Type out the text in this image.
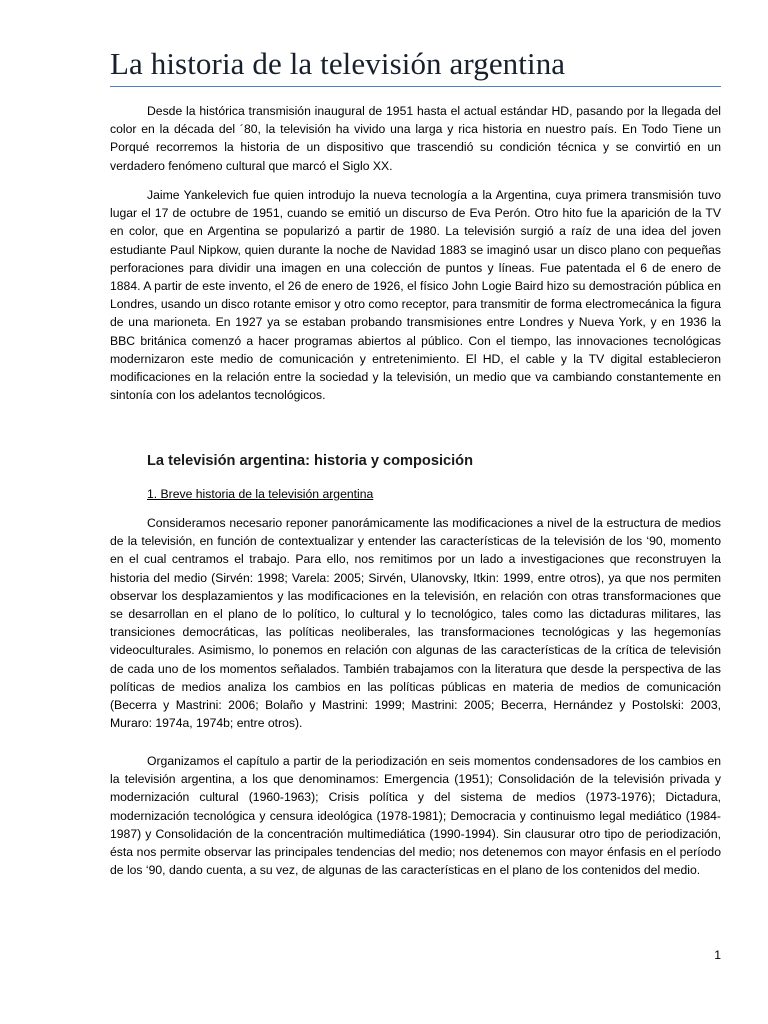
La historia de la televisión argentina

Desde la histórica transmisión inaugural de 1951 hasta el actual estándar HD, pasando por la llegada del color en la década del ´80, la televisión ha vivido una larga y rica historia en nuestro país. En Todo Tiene un Porqué recorremos la historia de un dispositivo que trascendió su condición técnica y se convirtió en un verdadero fenómeno cultural que marcó el Siglo XX.

Jaime Yankelevich fue quien introdujo la nueva tecnología a la Argentina, cuya primera transmisión tuvo lugar el 17 de octubre de 1951, cuando se emitió un discurso de Eva Perón. Otro hito fue la aparición de la TV en color, que en Argentina se popularizó a partir de 1980. La televisión surgió a raíz de una idea del joven estudiante Paul Nipkow, quien durante la noche de Navidad 1883 se imaginó usar un disco plano con pequeñas perforaciones para dividir una imagen en una colección de puntos y líneas. Fue patentada el 6 de enero de 1884. A partir de este invento, el 26 de enero de 1926, el físico John Logie Baird hizo su demostración pública en Londres, usando un disco rotante emisor y otro como receptor, para transmitir de forma electromecánica la figura de una marioneta. En 1927 ya se estaban probando transmisiones entre Londres y Nueva York, y en 1936 la BBC británica comenzó a hacer programas abiertos al público. Con el tiempo, las innovaciones tecnológicas modernizaron este medio de comunicación y entretenimiento. El HD, el cable y la TV digital establecieron modificaciones en la relación entre la sociedad y la televisión, un medio que va cambiando constantemente en sintonía con los adelantos tecnológicos.

La televisión argentina: historia y composición
1. Breve historia de la televisión argentina

Consideramos necesario reponer panorámicamente las modificaciones a nivel de la estructura de medios de la televisión, en función de contextualizar y entender las características de la televisión de los ‘90, momento en el cual centramos el trabajo. Para ello, nos remitimos por un lado a investigaciones que reconstruyen la historia del medio (Sirvén: 1998; Varela: 2005; Sirvén, Ulanovsky, Itkin: 1999, entre otros), ya que nos permiten observar los desplazamientos y las modificaciones en la televisión, en relación con otras transformaciones que se desarrollan en el plano de lo político, lo cultural y lo tecnológico, tales como las dictaduras militares, las transiciones democráticas, las políticas neoliberales, las transformaciones tecnológicas y las hegemonías videoculturales. Asimismo, lo ponemos en relación con algunas de las características de la crítica de televisión de cada uno de los momentos señalados. También trabajamos con la literatura que desde la perspectiva de las políticas de medios analiza los cambios en las políticas públicas en materia de medios de comunicación (Becerra y Mastrini: 2006; Bolaño y Mastrini: 1999; Mastrini: 2005; Becerra, Hernández y Postolski: 2003, Muraro: 1974a, 1974b; entre otros).

Organizamos el capítulo a partir de la periodización en seis momentos condensadores de los cambios en la televisión argentina, a los que denominamos: Emergencia (1951); Consolidación de la televisión privada y modernización cultural (1960-1963); Crisis política y del sistema de medios (1973-1976); Dictadura, modernización tecnológica y censura ideológica (1978-1981); Democracia y continuismo legal mediático (1984-1987) y Consolidación de la concentración multimediática (1990-1994). Sin clausurar otro tipo de periodización, ésta nos permite observar las principales tendencias del medio; nos detenemos con mayor énfasis en el período de los ‘90, dando cuenta, a su vez, de algunas de las características en el plano de los contenidos del medio.

1
